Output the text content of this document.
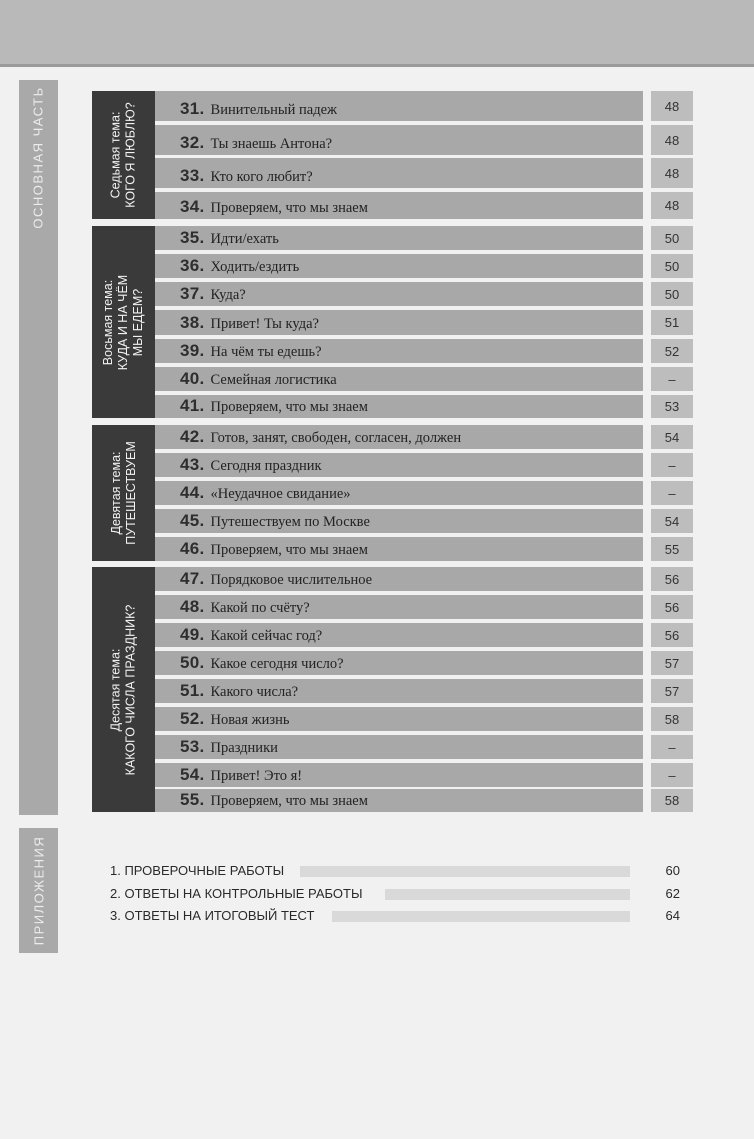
ОСНОВНАЯ ЧАСТЬ
ПРИЛОЖЕНИЯ
Седьмая тема: КОГО Я ЛЮБЛЮ?
Восьмая тема: КУДА И НА ЧЁМ МЫ ЕДЕМ?
Девятая тема: ПУТЕШЕСТВУЕМ
Десятая тема: КАКОГО ЧИСЛА ПРАЗДНИК?
31. Винительный падеж	48
32. Ты знаешь Антона?	48
33. Кто кого любит?	48
34. Проверяем, что мы знаем	48
35. Идти/ехать	50
36. Ходить/ездить	50
37. Куда?	50
38. Привет! Ты куда?	51
39. На чём ты едешь?	52
40. Семейная логистика	–
41. Проверяем, что мы знаем	53
42. Готов, занят, свободен, согласен, должен	54
43. Сегодня праздник	–
44. «Неудачное свидание»	–
45. Путешествуем по Москве	54
46. Проверяем, что мы знаем	55
47. Порядковое числительное	56
48. Какой по счёту?	56
49. Какой сейчас год?	56
50. Какое сегодня число?	57
51. Какого числа?	57
52. Новая жизнь	58
53. Праздники	–
54. Привет! Это я!	–
55. Проверяем, что мы знаем	58
1. ПРОВЕРОЧНЫЕ РАБОТЫ	60
2. ОТВЕТЫ НА КОНТРОЛЬНЫЕ РАБОТЫ	62
3. ОТВЕТЫ НА ИТОГОВЫЙ ТЕСТ	64
